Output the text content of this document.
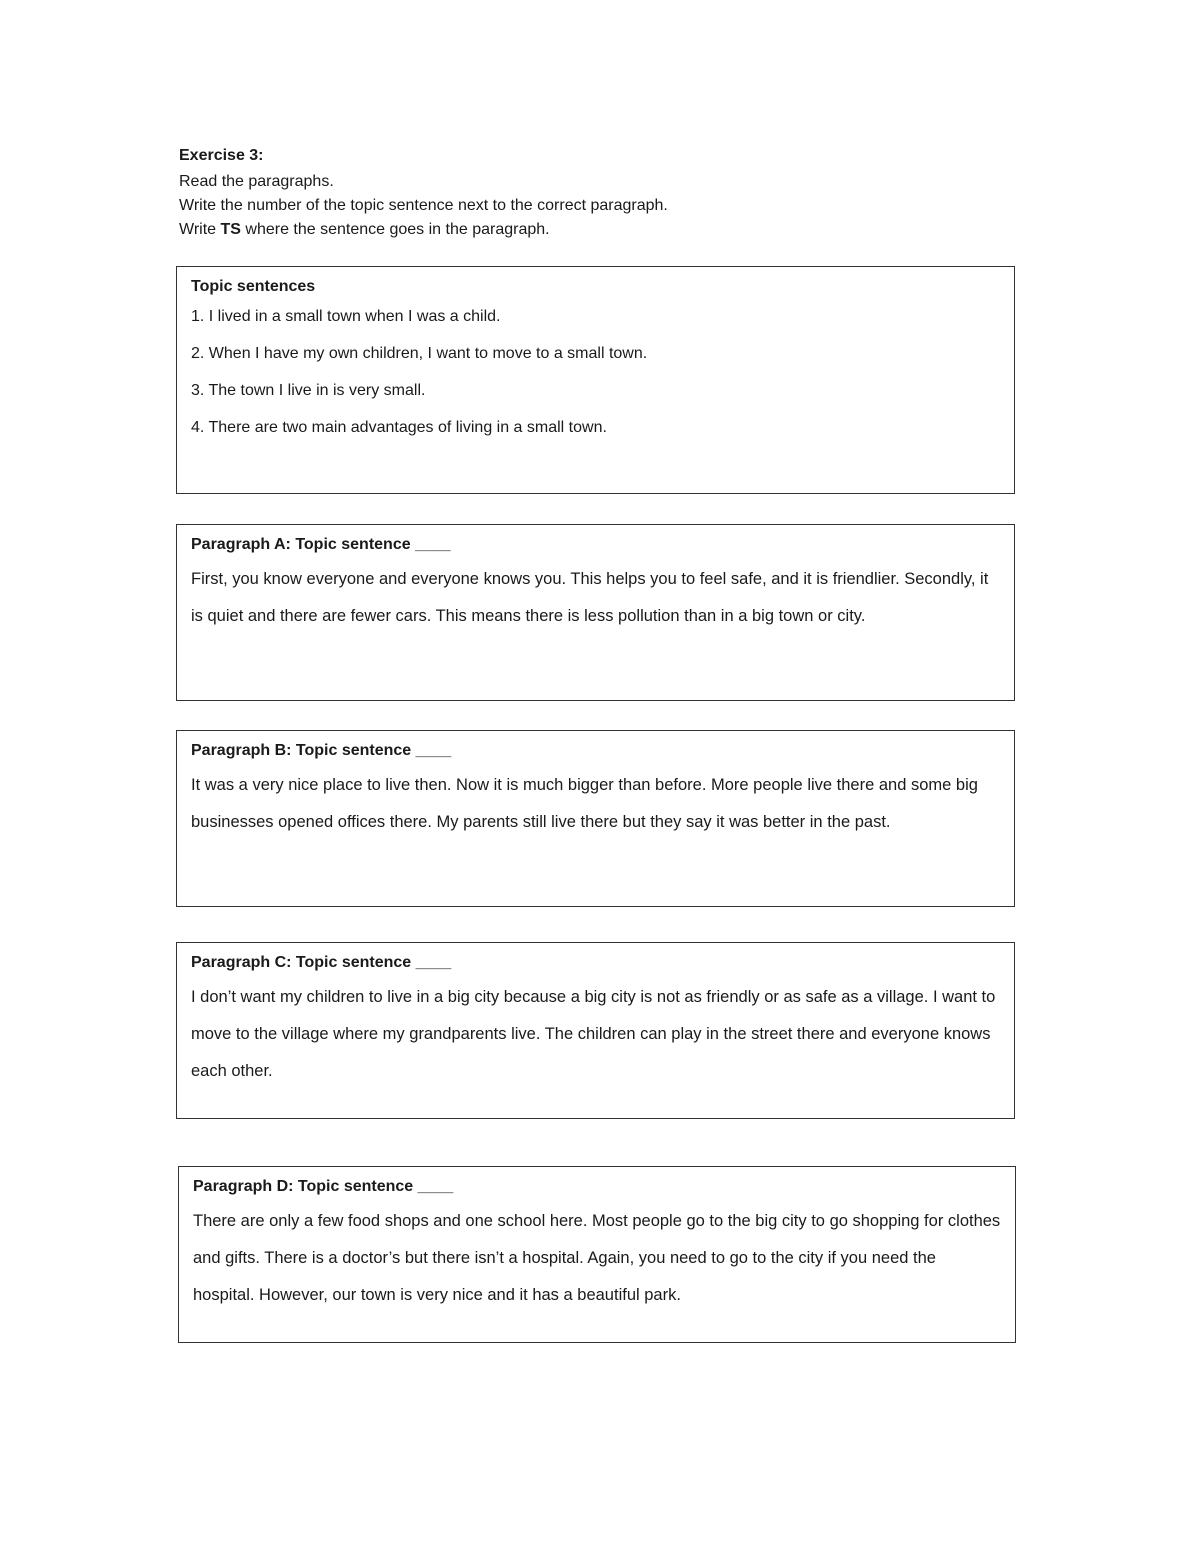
Exercise 3:
Read the paragraphs.
Write the number of the topic sentence next to the correct paragraph.
Write TS where the sentence goes in the paragraph.
Topic sentences
1. I lived in a small town when I was a child.
2. When I have my own children, I want to move to a small town.
3. The town I live in is very small.
4. There are two main advantages of living in a small town.
Paragraph A: Topic sentence ____
First, you know everyone and everyone knows you. This helps you to feel safe, and it is friendlier. Secondly, it is quiet and there are fewer cars. This means there is less pollution than in a big town or city.
Paragraph B: Topic sentence ____
It was a very nice place to live then. Now it is much bigger than before. More people live there and some big businesses opened offices there. My parents still live there but they say it was better in the past.
Paragraph C: Topic sentence ____
I don’t want my children to live in a big city because a big city is not as friendly or as safe as a village. I want to move to the village where my grandparents live. The children can play in the street there and everyone knows each other.
Paragraph D: Topic sentence ____
There are only a few food shops and one school here. Most people go to the big city to go shopping for clothes and gifts. There is a doctor’s but there isn’t a hospital. Again, you need to go to the city if you need the hospital. However, our town is very nice and it has a beautiful park.
